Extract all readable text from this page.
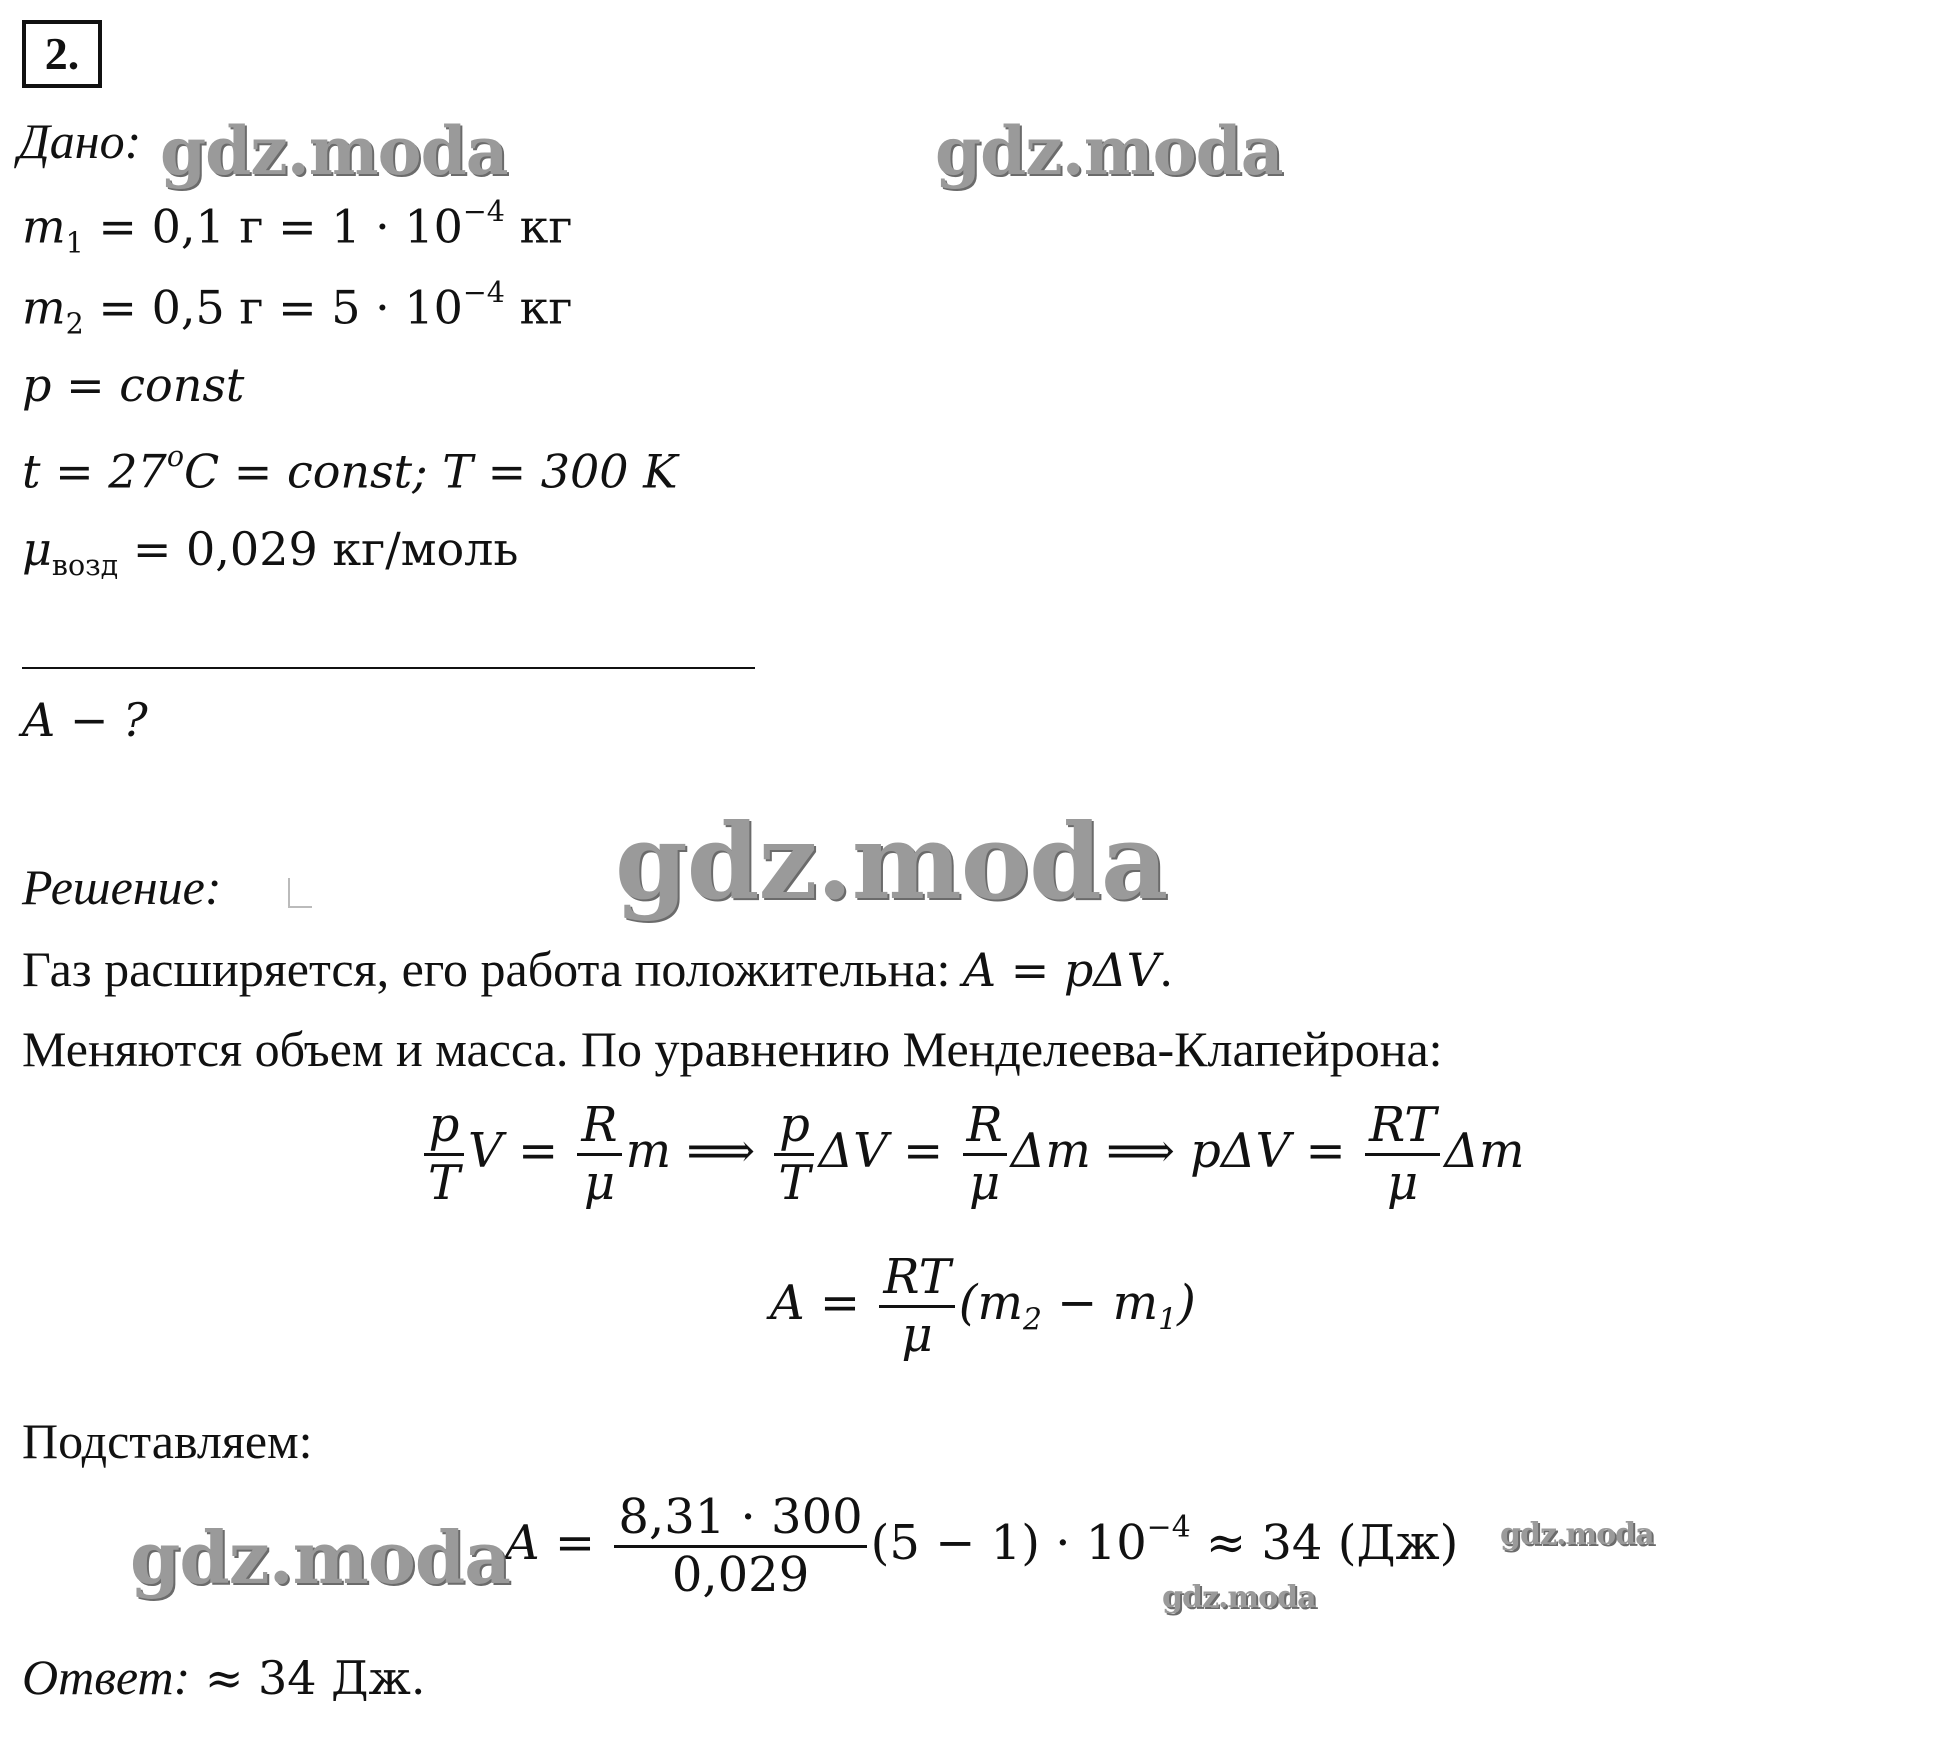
2.
Дано:
$m_1 = 0,1$ $г = 1 \cdot 10^{-4}$ кг
$m_2 = 0,5$ $г = 5 \cdot 10^{-4}$ кг
p = const
$t = 27^oC$ = const; T = 300 K
$\mu_{возд} = 0,029$ кг/моль
A − ?
Решение:
Газ расширяется, его работа положительна: A = pΔV.
Меняются объем и масса. По уравнению Менделеева-Клапейрона:
$\frac{p}{T}$ $V = \frac{R}{\mu}$ m ⟹ $\frac{p}{T}$ $\Delta V = \frac{R}{\mu}$ Δm ⟹ $p\Delta V = \frac{RT}{\mu}$ Δm
$A = \frac{RT}{\mu} (m_2 - m_1)$
Подставляем:
$A = \frac{8,31 \cdot 300}{0,029} (5 - 1) \cdot 10^{-4} \approx 34$ (Дж)
Ответ: ≈ 34 Дж.
gdz.moda	gdz.moda
gdz.moda
gdz.moda	gdz.moda
gdz.moda
